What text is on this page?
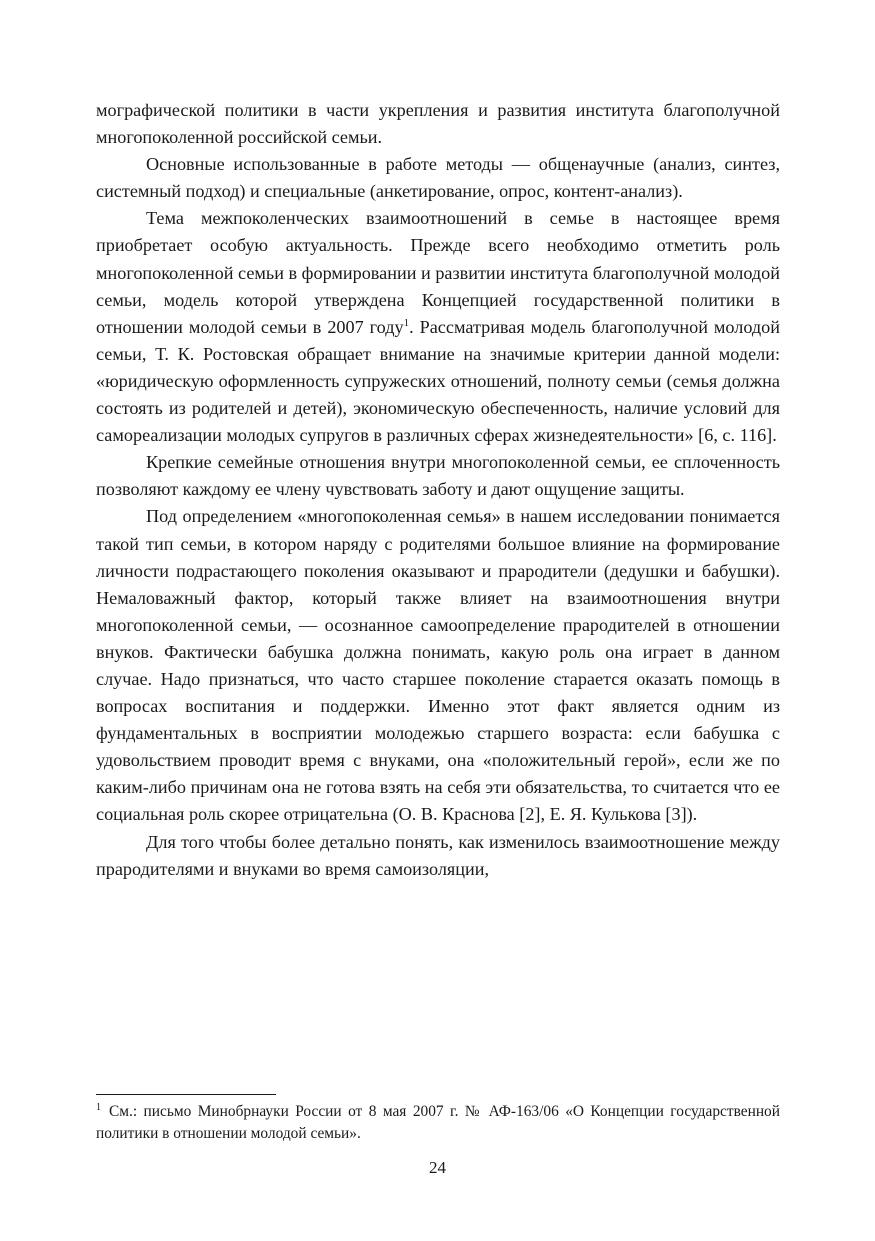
мографической политики в части укрепления и развития института благополучной многопоколенной российской семьи.

Основные использованные в работе методы — общенаучные (анализ, синтез, системный подход) и специальные (анкетирование, опрос, контент-анализ).

Тема межпоколенческих взаимоотношений в семье в настоящее время приобретает особую актуальность. Прежде всего необходимо отметить роль многопоколенной семьи в формировании и развитии института благополучной молодой семьи, модель которой утверждена Концепцией государственной политики в отношении молодой семьи в 2007 году$^1$. Рассматривая модель благополучной молодой семьи, Т. К. Ростовская обращает внимание на значимые критерии данной модели: «юридическую оформленность супружеских отношений, полноту семьи (семья должна состоять из родителей и детей), экономическую обеспеченность, наличие условий для самореализации молодых супругов в различных сферах жизнедеятельности» [6, с. 116].

Крепкие семейные отношения внутри многопоколенной семьи, ее сплоченность позволяют каждому ее члену чувствовать заботу и дают ощущение защиты.

Под определением «многопоколенная семья» в нашем исследовании понимается такой тип семьи, в котором наряду с родителями большое влияние на формирование личности подрастающего поколения оказывают и прародители (дедушки и бабушки). Немаловажный фактор, который также влияет на взаимоотношения внутри многопоколенной семьи, — осознанное самоопределение прародителей в отношении внуков. Фактически бабушка должна понимать, какую роль она играет в данном случае. Надо признаться, что часто старшее поколение старается оказать помощь в вопросах воспитания и поддержки. Именно этот факт является одним из фундаментальных в восприятии молодежью старшего возраста: если бабушка с удовольствием проводит время с внуками, она «положительный герой», если же по каким-либо причинам она не готова взять на себя эти обязательства, то считается что ее социальная роль скорее отрицательна (О. В. Краснова [2], Е. Я. Кулькова [3]).

Для того чтобы более детально понять, как изменилось взаимоотношение между прародителями и внуками во время самоизоляции,

$^1$ См.: письмо Минобрнауки России от 8 мая 2007 г. № АФ-163/06 «О Концепции государственной политики в отношении молодой семьи».

24
